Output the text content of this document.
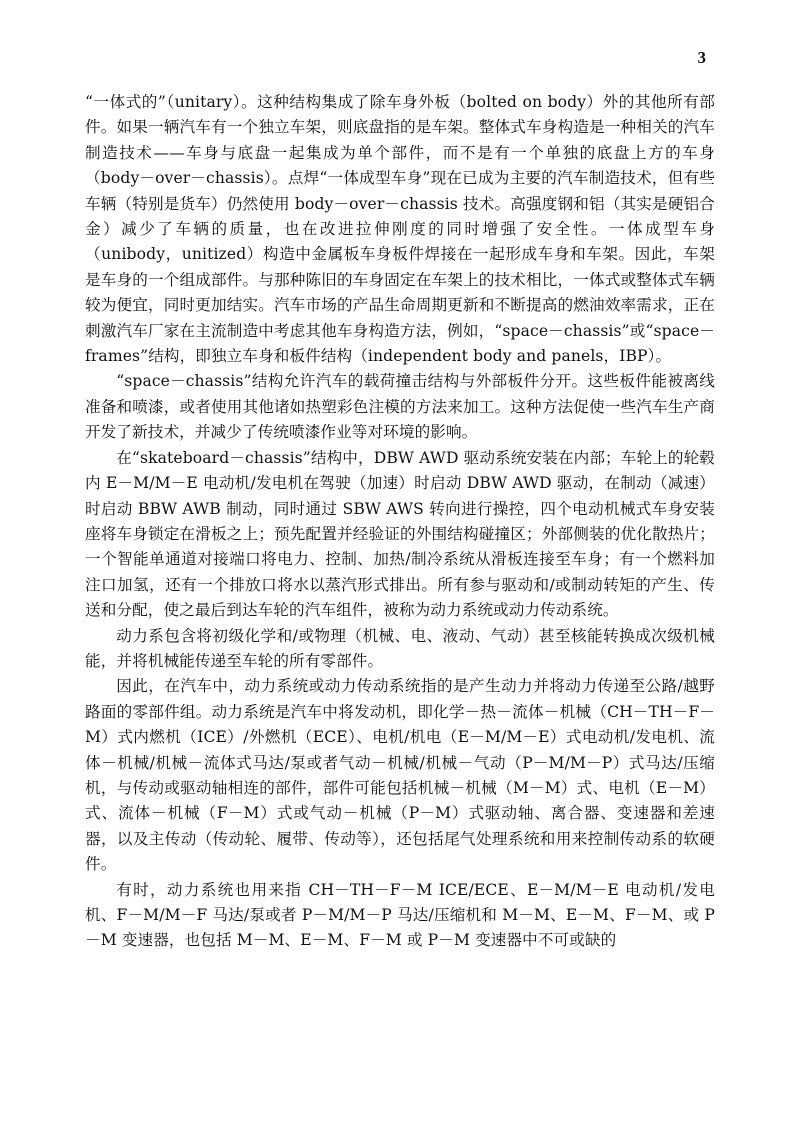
3

“一体式的”（unitary）。这种结构集成了除车身外板（bolted on body）外的其他所有部件。如果一辆汽车有一个独立车架，则底盘指的是车架。整体式车身构造是一种相关的汽车制造技术——车身与底盘一起集成为单个部件，而不是有一个单独的底盘上方的车身（body－over－chassis）。点焊“一体成型车身”现在已成为主要的汽车制造技术，但有些车辆（特别是货车）仍然使用 body－over－chassis 技术。高强度钢和铝（其实是硬铝合金）减少了车辆的质量，也在改进拉伸刚度的同时增强了安全性。一体成型车身（unibody，unitized）构造中金属板车身板件焊接在一起形成车身和车架。因此，车架是车身的一个组成部件。与那种陈旧的车身固定在车架上的技术相比，一体式或整体式车辆较为便宜，同时更加结实。汽车市场的产品生命周期更新和不断提高的燃油效率需求，正在刺激汽车厂家在主流制造中考虑其他车身构造方法，例如，“space－chassis”或“space－frames”结构，即独立车身和板件结构（independent body and panels，IBP）。

“space－chassis”结构允许汽车的载荷撞击结构与外部板件分开。这些板件能被离线准备和喷漆，或者使用其他诸如热塑彩色注模的方法来加工。这种方法促使一些汽车生产商开发了新技术，并减少了传统喷漆作业等对环境的影响。

在“skateboard－chassis”结构中，DBW AWD 驱动系统安装在内部；车轮上的轮毂内 E－M/M－E 电动机/发电机在驾驶（加速）时启动 DBW AWD 驱动，在制动（减速）时启动 BBW AWB 制动，同时通过 SBW AWS 转向进行操控，四个电动机械式车身安装座将车身锁定在滑板之上；预先配置并经验证的外围结构碰撞区；外部侧装的优化散热片；一个智能单通道对接端口将电力、控制、加热/制冷系统从滑板连接至车身；有一个燃料加注口加氢，还有一个排放口将水以蒸汽形式排出。所有参与驱动和/或制动转矩的产生、传送和分配，使之最后到达车轮的汽车组件，被称为动力系统或动力传动系统。

动力系包含将初级化学和/或物理（机械、电、液动、气动）甚至核能转换成次级机械能，并将机械能传递至车轮的所有零部件。

因此，在汽车中，动力系统或动力传动系统指的是产生动力并将动力传递至公路/越野路面的零部件组。动力系统是汽车中将发动机，即化学－热－流体－机械（CH－TH－F－M）式内燃机（ICE）/外燃机（ECE）、电机/机电（E－M/M－E）式电动机/发电机、流体－机械/机械－流体式马达/泵或者气动－机械/机械－气动（P－M/M－P）式马达/压缩机，与传动或驱动轴相连的部件，部件可能包括机械－机械（M－M）式、电机（E－M）式、流体－机械（F－M）式或气动－机械（P－M）式驱动轴、离合器、变速器和差速器，以及主传动（传动轮、履带、传动等），还包括尾气处理系统和用来控制传动系的软硬件。

有时，动力系统也用来指 CH－TH－F－M ICE/ECE、E－M/M－E 电动机/发电机、F－M/M－F 马达/泵或者 P－M/M－P 马达/压缩机和 M－M、E－M、F－M、或 P－M 变速器，也包括 M－M、E－M、F－M 或 P－M 变速器中不可或缺的
